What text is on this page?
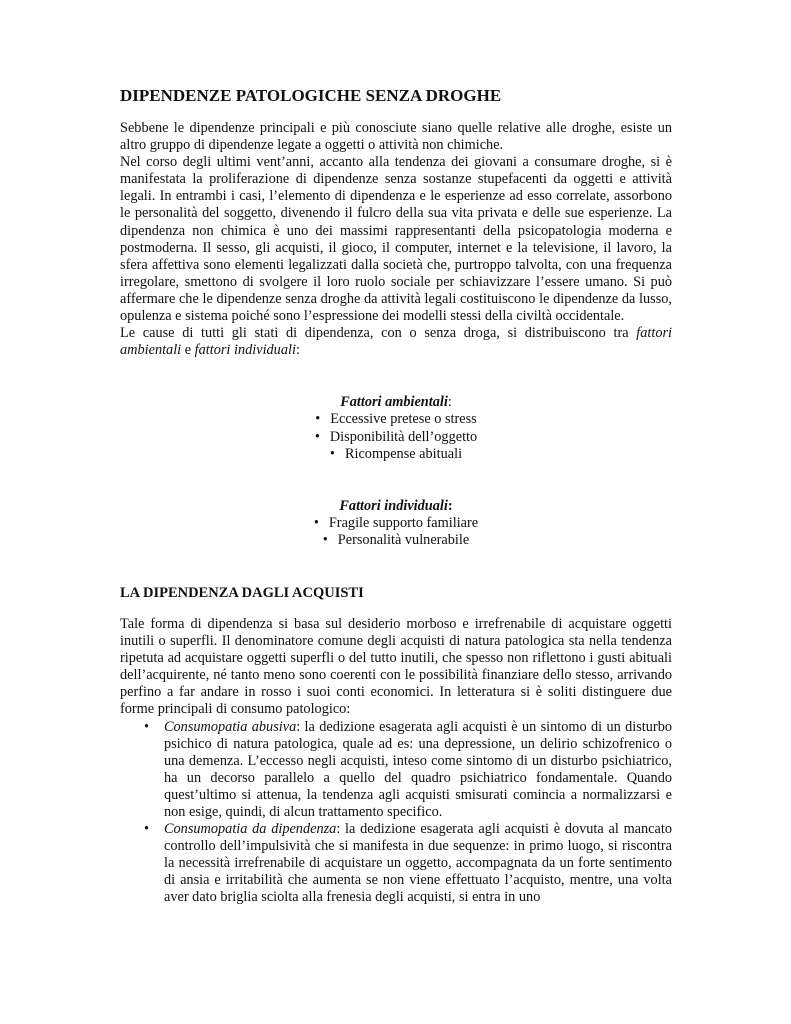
DIPENDENZE PATOLOGICHE SENZA DROGHE

Sebbene le dipendenze principali e più conosciute siano quelle relative alle droghe, esiste un altro gruppo di dipendenze legate a oggetti o attività non chimiche.

Nel corso degli ultimi vent’anni, accanto alla tendenza dei giovani a consumare droghe, si è manifestata la proliferazione di dipendenze senza sostanze stupefacenti da oggetti e attività legali. In entrambi i casi, l’elemento di dipendenza e le esperienze ad esso correlate, assorbono le personalità del soggetto, divenendo il fulcro della sua vita privata e delle sue esperienze. La dipendenza non chimica è uno dei massimi rappresentanti della psicopatologia moderna e postmoderna. Il sesso, gli acquisti, il gioco, il computer, internet e la televisione, il lavoro, la sfera affettiva sono elementi legalizzati dalla società che, purtroppo talvolta, con una frequenza irregolare, smettono di svolgere il loro ruolo sociale per schiavizzare l’essere umano. Si può affermare che le dipendenze senza droghe da attività legali costituiscono le dipendenze da lusso, opulenza e sistema poiché sono l’espressione dei modelli stessi della civiltà occidentale.

Le cause di tutti gli stati di dipendenza, con o senza droga, si distribuiscono tra fattori ambientali e fattori individuali:

Fattori ambientali:
• Eccessive pretese o stress
• Disponibilità dell’oggetto
• Ricompense abituali
Fattori individuali:
• Fragile supporto familiare
• Personalità vulnerabile
LA DIPENDENZA DAGLI ACQUISTI

Tale forma di dipendenza si basa sul desiderio morboso e irrefrenabile di acquistare oggetti inutili o superfli. Il denominatore comune degli acquisti di natura patologica sta nella tendenza ripetuta ad acquistare oggetti superfli o del tutto inutili, che spesso non riflettono i gusti abituali dell’acquirente, né tanto meno sono coerenti con le possibilità finanziare dello stesso, arrivando perfino a far andare in rosso i suoi conti economici. In letteratura si è soliti distinguere due forme principali di consumo patologico:

• Consumopatia abusiva: la dedizione esagerata agli acquisti è un sintomo di un disturbo psichico di natura patologica, quale ad es: una depressione, un delirio schizofrenico o una demenza. L’eccesso negli acquisti, inteso come sintomo di un disturbo psichiatrico, ha un decorso parallelo a quello del quadro psichiatrico fondamentale. Quando quest’ultimo si attenua, la tendenza agli acquisti smisurati comincia a normalizzarsi e non esige, quindi, di alcun trattamento specifico.
• Consumopatia da dipendenza: la dedizione esagerata agli acquisti è dovuta al mancato controllo dell’impulsività che si manifesta in due sequenze: in primo luogo, si riscontra la necessità irrefrenabile di acquistare un oggetto, accompagnata da un forte sentimento di ansia e irritabilità che aumenta se non viene effettuato l’acquisto, mentre, una volta aver dato briglia sciolta alla frenesia degli acquisti, si entra in uno
